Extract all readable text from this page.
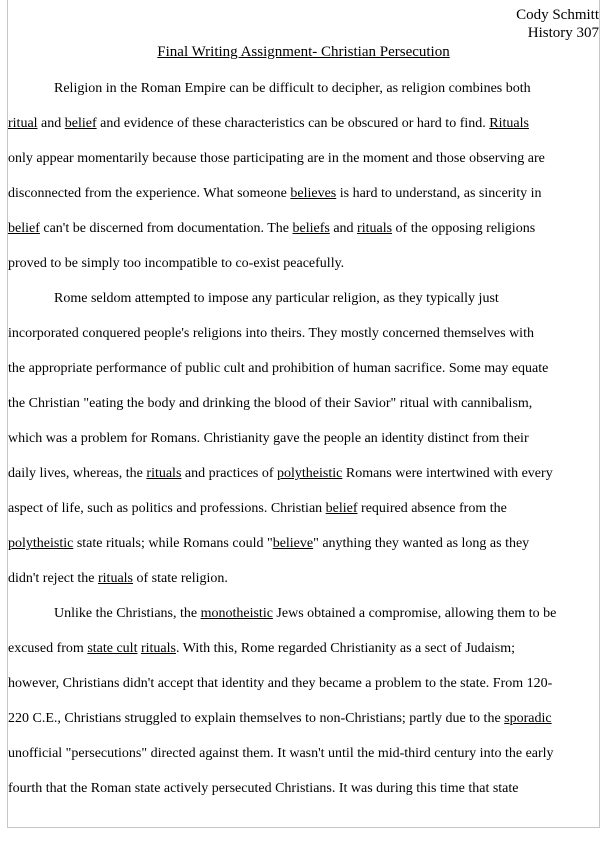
Cody Schmitt
History 307
Final Writing Assignment- Christian Persecution
Religion in the Roman Empire can be difficult to decipher, as religion combines both
ritual and belief and evidence of these characteristics can be obscured or hard to find. Rituals
only appear momentarily because those participating are in the moment and those observing are
disconnected from the experience. What someone believes is hard to understand, as sincerity in
belief can't be discerned from documentation. The beliefs and rituals of the opposing religions
proved to be simply too incompatible to co-exist peacefully.
Rome seldom attempted to impose any particular religion, as they typically just
incorporated conquered people's religions into theirs. They mostly concerned themselves with
the appropriate performance of public cult and prohibition of human sacrifice. Some may equate
the Christian "eating the body and drinking the blood of their Savior" ritual with cannibalism,
which was a problem for Romans. Christianity gave the people an identity distinct from their
daily lives, whereas, the rituals and practices of polytheistic Romans were intertwined with every
aspect of life, such as politics and professions. Christian belief required absence from the
polytheistic state rituals; while Romans could "believe" anything they wanted as long as they
didn't reject the rituals of state religion.
Unlike the Christians, the monotheistic Jews obtained a compromise, allowing them to be
excused from state cult rituals. With this, Rome regarded Christianity as a sect of Judaism;
however, Christians didn't accept that identity and they became a problem to the state. From 120-
220 C.E., Christians struggled to explain themselves to non-Christians; partly due to the sporadic
unofficial "persecutions" directed against them. It wasn't until the mid-third century into the early
fourth that the Roman state actively persecuted Christians. It was during this time that state
